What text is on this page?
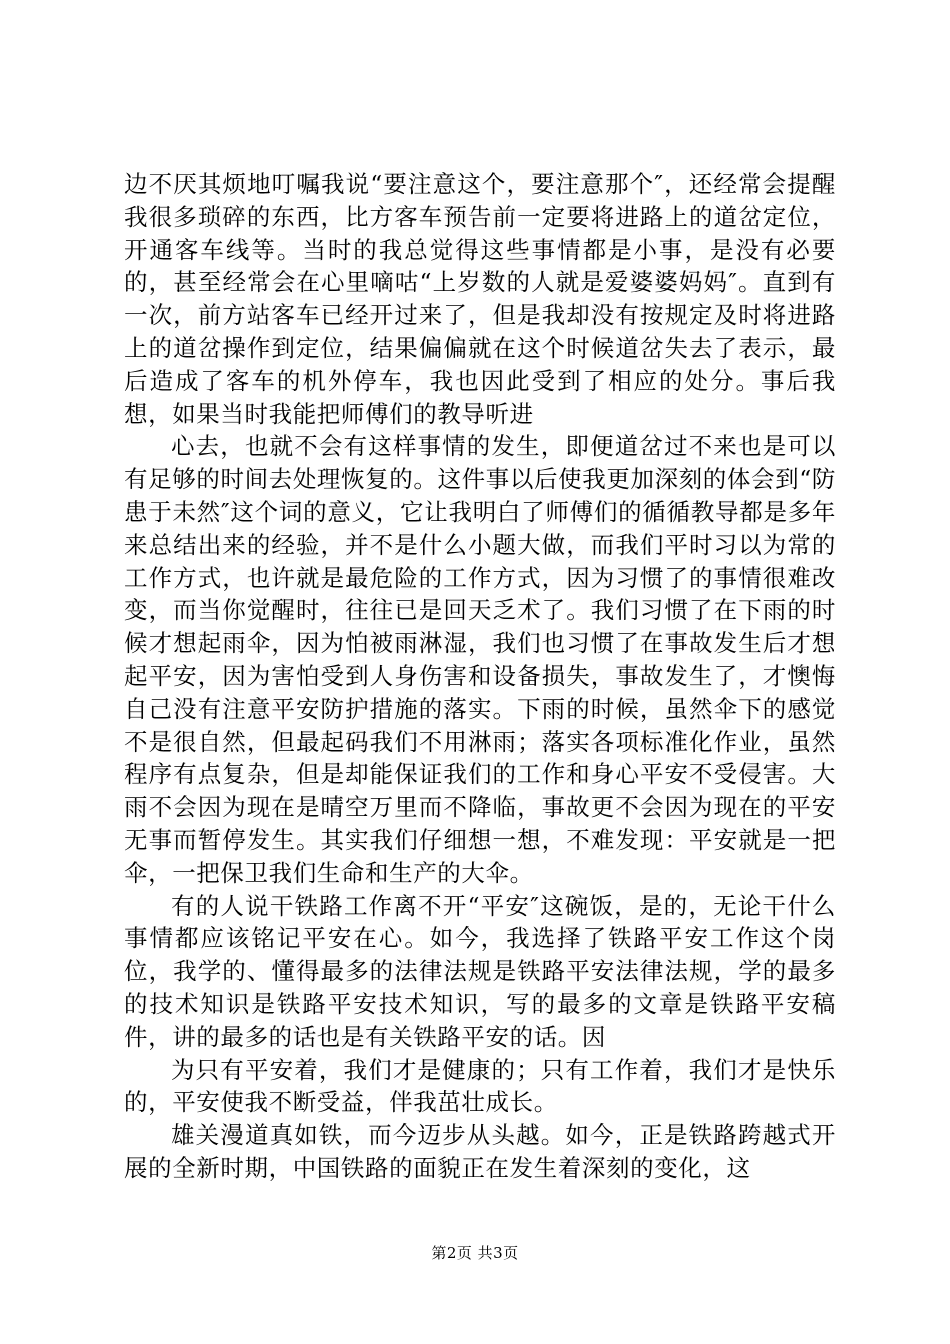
边不厌其烦地叮嘱我说“要注意这个，要注意那个″，还经常会提醒我很多琐碎的东西，比方客车预告前一定要将进路上的道岔定位，开通客车线等。当时的我总觉得这些事情都是小事，是没有必要的，甚至经常会在心里嘀咕“上岁数的人就是爱婆婆妈妈″。直到有一次，前方站客车已经开过来了，但是我却没有按规定及时将进路上的道岔操作到定位，结果偏偏就在这个时候道岔失去了表示，最后造成了客车的机外停车，我也因此受到了相应的处分。事后我想，如果当时我能把师傅们的教导听进

心去，也就不会有这样事情的发生，即便道岔过不来也是可以有足够的时间去处理恢复的。这件事以后使我更加深刻的体会到“防患于未然″这个词的意义，它让我明白了师傅们的循循教导都是多年来总结出来的经验，并不是什么小题大做，而我们平时习以为常的工作方式，也许就是最危险的工作方式，因为习惯了的事情很难改变，而当你觉醒时，往往已是回天乏术了。我们习惯了在下雨的时候才想起雨伞，因为怕被雨淋湿，我们也习惯了在事故发生后才想起平安，因为害怕受到人身伤害和设备损失，事故发生了，才懊悔自己没有注意平安防护措施的落实。下雨的时候，虽然伞下的感觉不是很自然，但最起码我们不用淋雨；落实各项标准化作业，虽然程序有点复杂，但是却能保证我们的工作和身心平安不受侵害。大雨不会因为现在是晴空万里而不降临，事故更不会因为现在的平安无事而暂停发生。其实我们仔细想一想，不难发现：平安就是一把伞，一把保卫我们生命和生产的大伞。

有的人说干铁路工作离不开“平安″这碗饭，是的，无论干什么事情都应该铭记平安在心。如今，我选择了铁路平安工作这个岗位，我学的、懂得最多的法律法规是铁路平安法律法规，学的最多的技术知识是铁路平安技术知识，写的最多的文章是铁路平安稿件，讲的最多的话也是有关铁路平安的话。因

为只有平安着，我们才是健康的；只有工作着，我们才是快乐的，平安使我不断受益，伴我茁壮成长。

雄关漫道真如铁，而今迈步从头越。如今，正是铁路跨越式开展的全新时期，中国铁路的面貌正在发生着深刻的变化，这

第2页 共3页
